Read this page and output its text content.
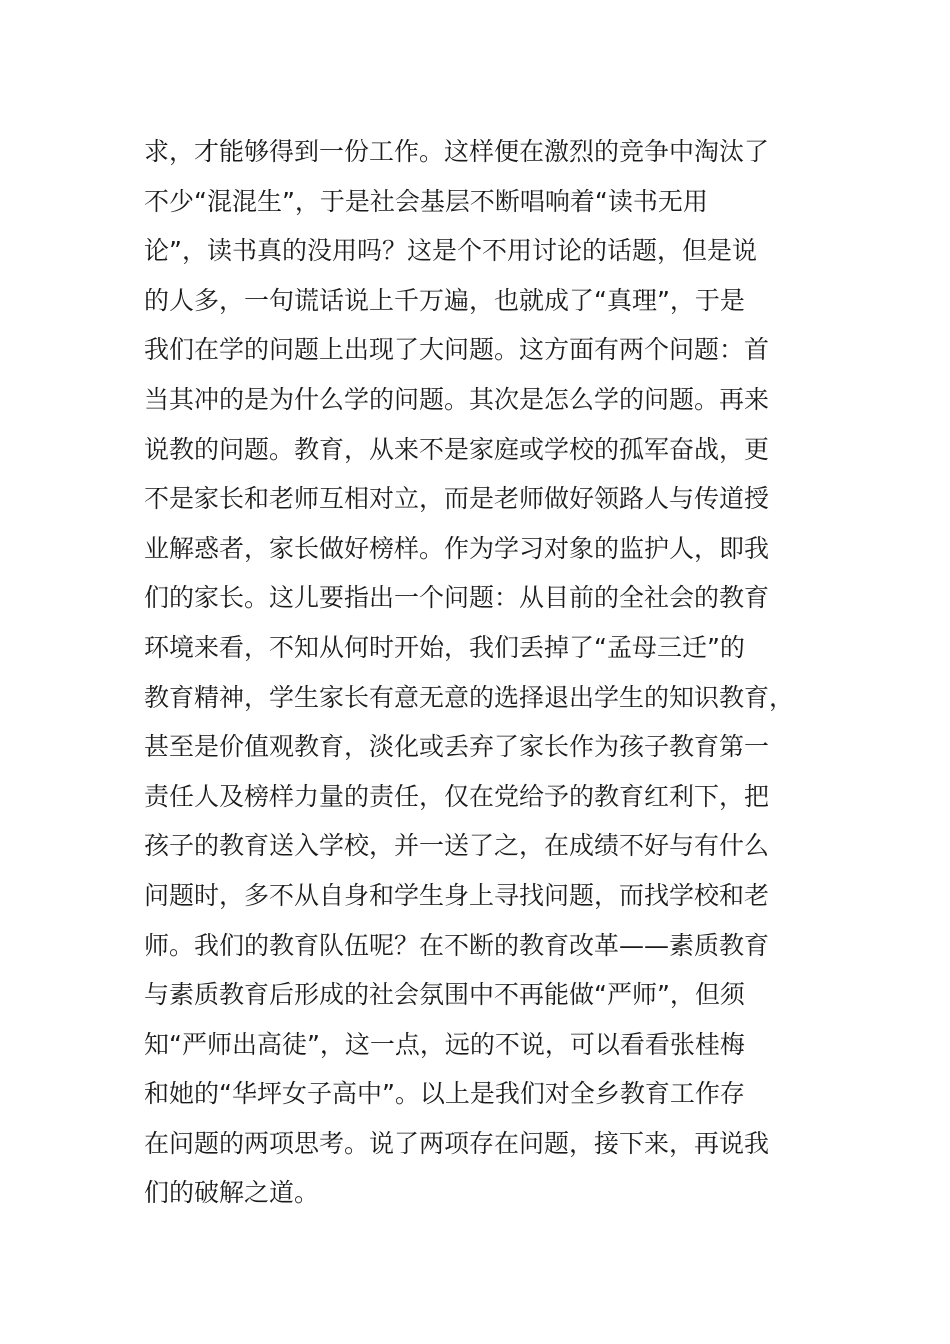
求，才能够得到一份工作。这样便在激烈的竞争中淘汰了
不少“混混生”，于是社会基层不断唱响着“读书无用
论”，读书真的没用吗？这是个不用讨论的话题，但是说
的人多，一句谎话说上千万遍，也就成了“真理”，于是
我们在学的问题上出现了大问题。这方面有两个问题：首
当其冲的是为什么学的问题。其次是怎么学的问题。再来
说教的问题。教育，从来不是家庭或学校的孤军奋战，更
不是家长和老师互相对立，而是老师做好领路人与传道授
业解惑者，家长做好榜样。作为学习对象的监护人，即我
们的家长。这儿要指出一个问题：从目前的全社会的教育
环境来看，不知从何时开始，我们丢掉了“孟母三迁”的
教育精神，学生家长有意无意的选择退出学生的知识教育，
甚至是价值观教育，淡化或丢弃了家长作为孩子教育第一
责任人及榜样力量的责任，仅在党给予的教育红利下，把
孩子的教育送入学校，并一送了之，在成绩不好与有什么
问题时，多不从自身和学生身上寻找问题，而找学校和老
师。我们的教育队伍呢？在不断的教育改革——素质教育
与素质教育后形成的社会氛围中不再能做“严师”，但须
知“严师出高徒”，这一点，远的不说，可以看看张桂梅
和她的“华坪女子高中”。以上是我们对全乡教育工作存
在问题的两项思考。说了两项存在问题，接下来，再说我
们的破解之道。
